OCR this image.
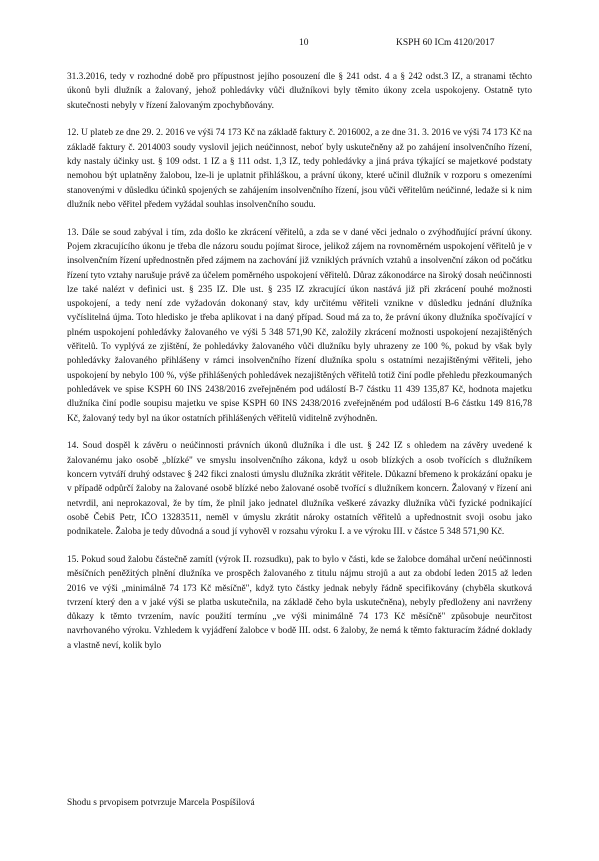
10	KSPH 60 ICm 4120/2017

31.3.2016, tedy v rozhodné době pro přípustnost jejího posouzení dle § 241 odst. 4 a § 242 odst.3 IZ, a stranami těchto úkonů byli dlužník a žalovaný, jehož pohledávky vůči dlužníkovi byly těmito úkony zcela uspokojeny. Ostatně tyto skutečnosti nebyly v řízení žalovaným zpochybňovány.

12. U plateb ze dne 29. 2. 2016 ve výši 74 173 Kč na základě faktury č. 2016002, a ze dne 31. 3. 2016 ve výši 74 173 Kč na základě faktury č. 2014003 soudy vyslovil jejich neúčinnost, neboť byly uskutečněny až po zahájení insolvenčního řízení, kdy nastaly účinky ust. § 109 odst. 1 IZ a § 111 odst. 1,3 IZ, tedy pohledávky a jiná práva týkající se majetkové podstaty nemohou být uplatněny žalobou, lze-li je uplatnit přihláškou, a právní úkony, které učinil dlužník v rozporu s omezeními stanovenými v důsledku účinků spojených se zahájením insolvenčního řízení, jsou vůči věřitelům neúčinné, ledaže si k nim dlužník nebo věřitel předem vyžádal souhlas insolvenčního soudu.

13. Dále se soud zabýval i tím, zda došlo ke zkrácení věřitelů, a zda se v dané věci jednalo o zvýhodňující právní úkony. Pojem zkracujícího úkonu je třeba dle názoru soudu pojímat široce, jelikož zájem na rovnoměrném uspokojení věřitelů je v insolvenčním řízení upřednostněn před zájmem na zachování již vzniklých právních vztahů a insolvenční zákon od počátku řízení tyto vztahy narušuje právě za účelem poměrného uspokojení věřitelů. Důraz zákonodárce na široký dosah neúčinnosti lze také nalézt v definici ust. § 235 IZ. Dle ust. § 235 IZ zkracující úkon nastává již při zkrácení pouhé možnosti uspokojení, a tedy není zde vyžadován dokonaný stav, kdy určitému věřiteli vznikne v důsledku jednání dlužníka vyčíslitelná újma. Toto hledisko je třeba aplikovat i na daný případ. Soud má za to, že právní úkony dlužníka spočívající v plném uspokojení pohledávky žalovaného ve výši 5 348 571,90 Kč, založily zkrácení možnosti uspokojení nezajištěných věřitelů. To vyplývá ze zjištění, že pohledávky žalovaného vůči dlužníku byly uhrazeny ze 100 %, pokud by však byly pohledávky žalovaného přihlášeny v rámci insolvenčního řízení dlužníka spolu s ostatními nezajištěnými věřiteli, jeho uspokojení by nebylo 100 %, výše přihlášených pohledávek nezajištěných věřitelů totiž činí podle přehledu přezkoumaných pohledávek ve spise KSPH 60 INS 2438/2016 zveřejněném pod událostí B-7 částku 11 439 135,87 Kč, hodnota majetku dlužníka činí podle soupisu majetku ve spise KSPH 60 INS 2438/2016 zveřejněném pod událostí B-6 částku 149 816,78 Kč, žalovaný tedy byl na úkor ostatních přihlášených věřitelů viditelně zvýhodněn.

14. Soud dospěl k závěru o neúčinnosti právních úkonů dlužníka i dle ust. § 242 IZ s ohledem na závěry uvedené k žalovanému jako osobě „blízké" ve smyslu insolvenčního zákona, když u osob blízkých a osob tvořících s dlužníkem koncern vytváří druhý odstavec § 242 fikci znalosti úmyslu dlužníka zkrátit věřitele. Důkazní břemeno k prokázání opaku je v případě odpůrčí žaloby na žalované osobě blízké nebo žalované osobě tvořící s dlužníkem koncern. Žalovaný v řízení ani netvrdil, ani neprokazoval, že by tím, že plnil jako jednatel dlužníka veškeré závazky dlužníka vůči fyzické podnikající osobě Čebiš Petr, IČO 13283511, neměl v úmyslu zkrátit nároky ostatních věřitelů a upřednostnit svoji osobu jako podnikatele. Žaloba je tedy důvodná a soud jí vyhověl v rozsahu výroku I. a ve výroku III. v částce 5 348 571,90 Kč.

15. Pokud soud žalobu částečně zamítl (výrok II. rozsudku), pak to bylo v části, kde se žalobce domáhal určení neúčinnosti měsíčních peněžitých plnění dlužníka ve prospěch žalovaného z titulu nájmu strojů a aut za období leden 2015 až leden 2016 ve výši „minimálně 74 173 Kč měsíčně", když tyto částky jednak nebyly řádně specifikovány (chyběla skutková tvrzení který den a v jaké výši se platba uskutečnila, na základě čeho byla uskutečněna), nebyly předloženy ani navrženy důkazy k těmto tvrzením, navíc použití termínu „ve výši minimálně 74 173 Kč měsíčně" způsobuje neurčitost navrhovaného výroku. Vzhledem k vyjádření žalobce v bodě III. odst. 6 žaloby, že nemá k těmto fakturacím žádné doklady a vlastně neví, kolik bylo

Shodu s prvopisem potvrzuje Marcela Pospíšilová
